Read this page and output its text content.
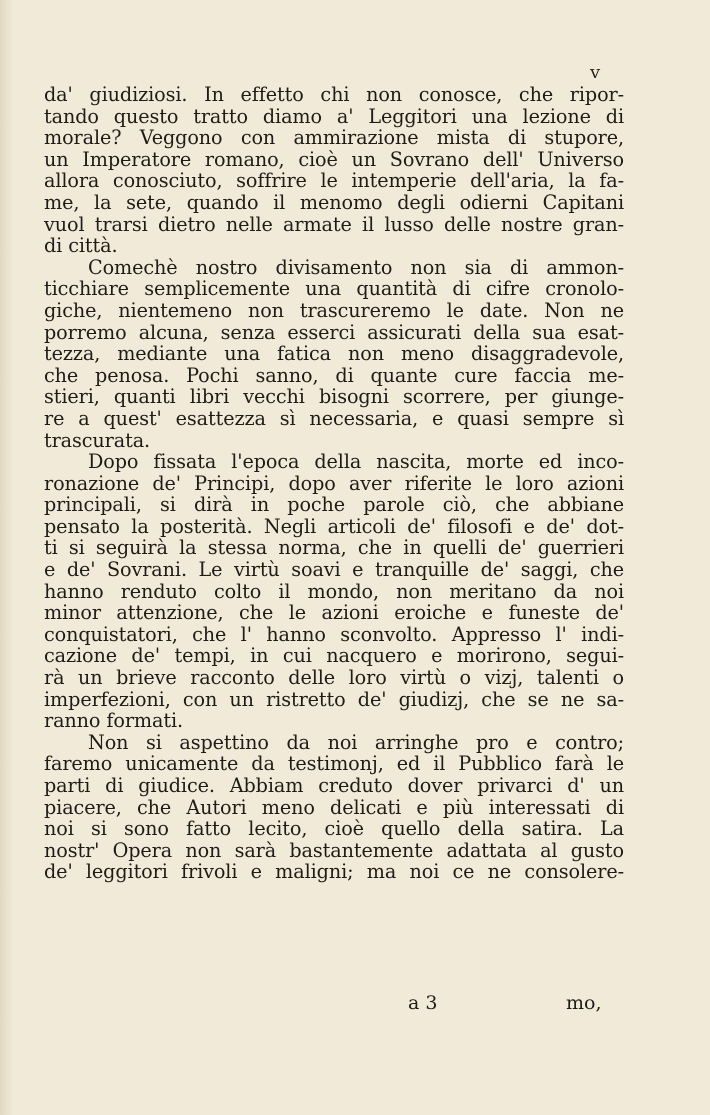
v
da' giudiziosi. In effetto chi non conosce, che ripor-
tando questo tratto diamo a' Leggitori una lezione di
morale? Veggono con ammirazione mista di stupore,
un Imperatore romano, cioè un Sovrano dell' Universo
allora conosciuto, soffrire le intemperie dell'aria, la fa-
me, la sete, quando il menomo degli odierni Capitani
vuol trarsi dietro nelle armate il lusso delle nostre gran-
di città.
Comechè nostro divisamento non sia di ammon-
ticchiare semplicemente una quantità di cifre cronolo-
giche, nientemeno non trascureremo le date. Non ne
porremo alcuna, senza esserci assicurati della sua esat-
tezza, mediante una fatica non meno disaggradevole,
che penosa. Pochi sanno, di quante cure faccia me-
stieri, quanti libri vecchi bisogni scorrere, per giunge-
re a quest' esattezza sì necessaria, e quasi sempre sì
trascurata.
Dopo fissata l'epoca della nascita, morte ed inco-
ronazione de' Principi, dopo aver riferite le loro azioni
principali, si dirà in poche parole ciò, che abbiane
pensato la posterità. Negli articoli de' filosofi e de' dot-
ti si seguirà la stessa norma, che in quelli de' guerrieri
e de' Sovrani. Le virtù soavi e tranquille de' saggi, che
hanno renduto colto il mondo, non meritano da noi
minor attenzione, che le azioni eroiche e funeste de'
conquistatori, che l' hanno sconvolto. Appresso l' indi-
cazione de' tempi, in cui nacquero e morirono, segui-
rà un brieve racconto delle loro virtù o vizj, talenti o
imperfezioni, con un ristretto de' giudizj, che se ne sa-
ranno formati.
Non si aspettino da noi arringhe pro e contro;
faremo unicamente da testimonj, ed il Pubblico farà le
parti di giudice. Abbiam creduto dover privarci d' un
piacere, che Autori meno delicati e più interessati di
noi si sono fatto lecito, cioè quello della satira. La
nostr' Opera non sarà bastantemente adattata al gusto
de' leggitori frivoli e maligni; ma noi ce ne consolere-
a 3	mo,
